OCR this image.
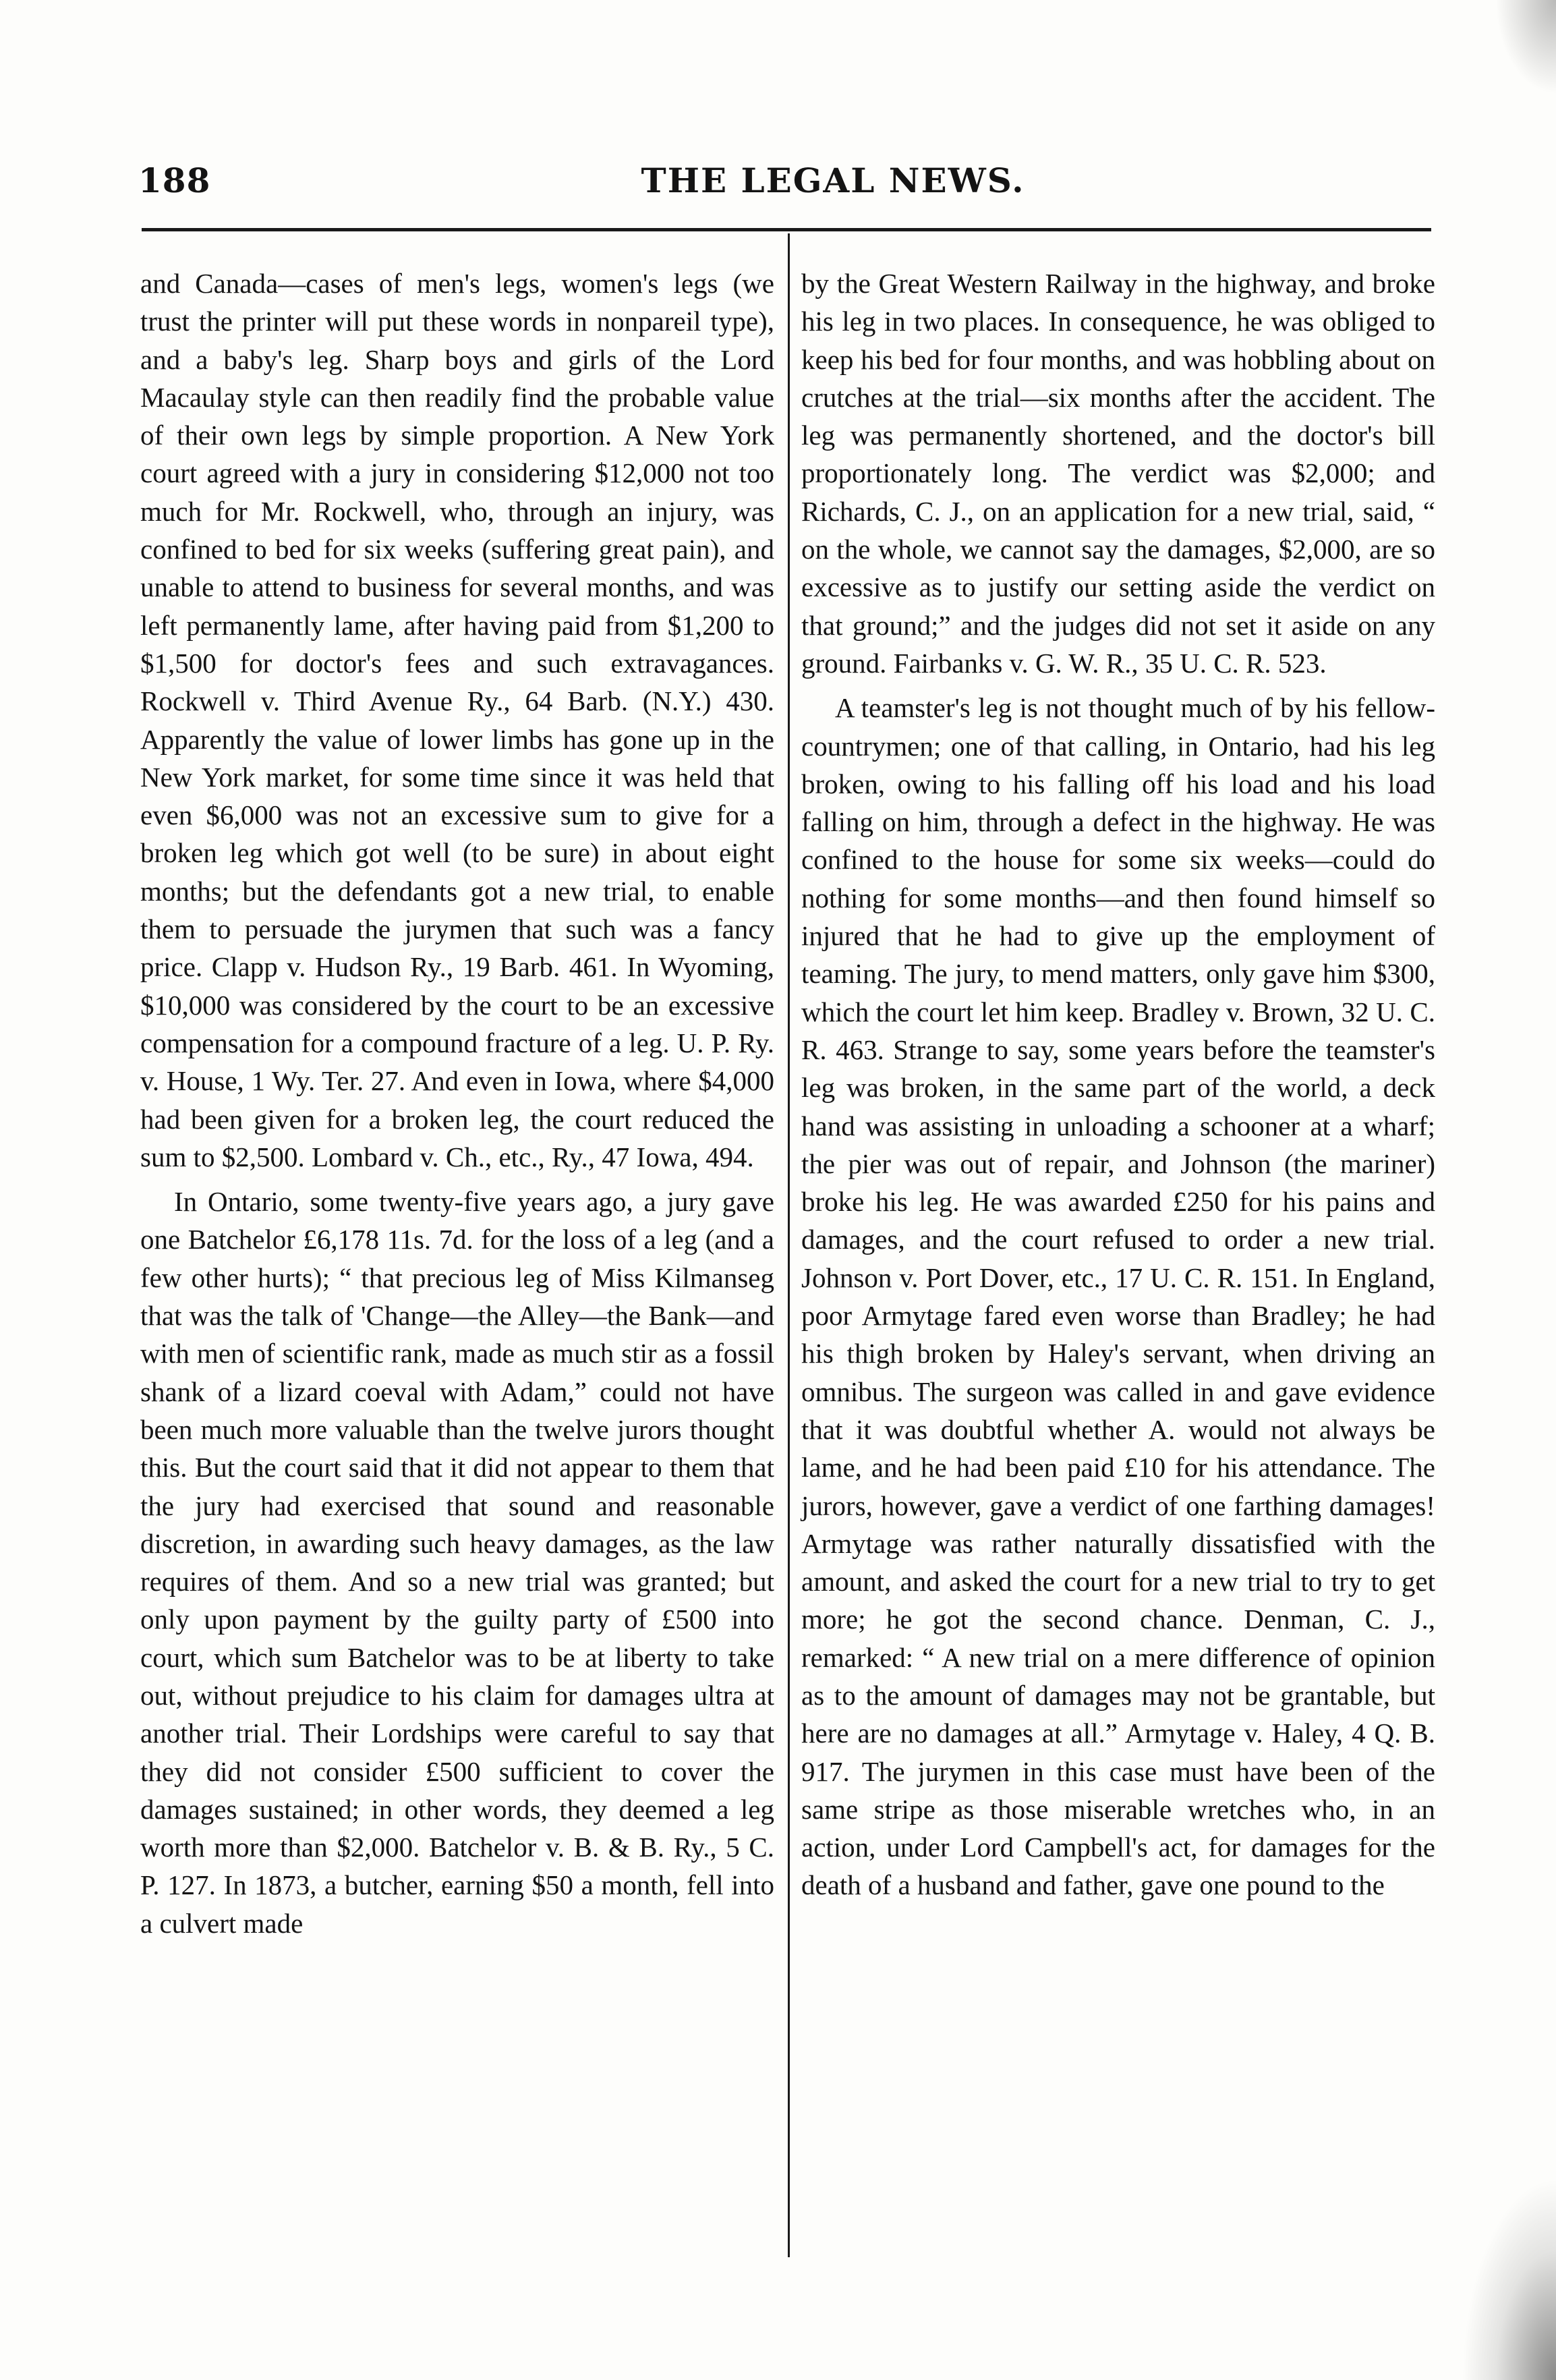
188	THE LEGAL NEWS.

and Canada—cases of men's legs, women's legs (we trust the printer will put these words in nonpareil type), and a baby's leg. Sharp boys and girls of the Lord Macaulay style can then readily find the probable value of their own legs by simple proportion. A New York court agreed with a jury in considering $12,000 not too much for Mr. Rockwell, who, through an injury, was confined to bed for six weeks (suffering great pain), and unable to attend to business for several months, and was left permanently lame, after having paid from $1,200 to $1,500 for doctor's fees and such extravagances. Rockwell v. Third Avenue Ry., 64 Barb. (N.Y.) 430. Apparently the value of lower limbs has gone up in the New York market, for some time since it was held that even $6,000 was not an excessive sum to give for a broken leg which got well (to be sure) in about eight months; but the defendants got a new trial, to enable them to persuade the jurymen that such was a fancy price. Clapp v. Hudson Ry., 19 Barb. 461. In Wyoming, $10,000 was considered by the court to be an excessive compensation for a compound fracture of a leg. U. P. Ry. v. House, 1 Wy. Ter. 27. And even in Iowa, where $4,000 had been given for a broken leg, the court reduced the sum to $2,500. Lombard v. Ch., etc., Ry., 47 Iowa, 494.

In Ontario, some twenty-five years ago, a jury gave one Batchelor £6,178 11s. 7d. for the loss of a leg (and a few other hurts); “ that precious leg of Miss Kilmanseg that was the talk of 'Change—the Alley—the Bank—and with men of scientific rank, made as much stir as a fossil shank of a lizard coeval with Adam,” could not have been much more valuable than the twelve jurors thought this. But the court said that it did not appear to them that the jury had exercised that sound and reasonable discretion, in awarding such heavy damages, as the law requires of them. And so a new trial was granted; but only upon payment by the guilty party of £500 into court, which sum Batchelor was to be at liberty to take out, without prejudice to his claim for damages ultra at another trial. Their Lordships were careful to say that they did not consider £500 sufficient to cover the damages sustained; in other words, they deemed a leg worth more than $2,000. Batchelor v. B. & B. Ry., 5 C. P. 127. In 1873, a butcher, earning $50 a month, fell into a culvert made

by the Great Western Railway in the highway, and broke his leg in two places. In consequence, he was obliged to keep his bed for four months, and was hobbling about on crutches at the trial—six months after the accident. The leg was permanently shortened, and the doctor's bill proportionately long. The verdict was $2,000; and Richards, C. J., on an application for a new trial, said, “ on the whole, we cannot say the damages, $2,000, are so excessive as to justify our setting aside the verdict on that ground;” and the judges did not set it aside on any ground. Fairbanks v. G. W. R., 35 U. C. R. 523.

A teamster's leg is not thought much of by his fellow-countrymen; one of that calling, in Ontario, had his leg broken, owing to his falling off his load and his load falling on him, through a defect in the highway. He was confined to the house for some six weeks—could do nothing for some months—and then found himself so injured that he had to give up the employment of teaming. The jury, to mend matters, only gave him $300, which the court let him keep. Bradley v. Brown, 32 U. C. R. 463. Strange to say, some years before the teamster's leg was broken, in the same part of the world, a deck hand was assisting in unloading a schooner at a wharf; the pier was out of repair, and Johnson (the mariner) broke his leg. He was awarded £250 for his pains and damages, and the court refused to order a new trial. Johnson v. Port Dover, etc., 17 U. C. R. 151. In England, poor Armytage fared even worse than Bradley; he had his thigh broken by Haley's servant, when driving an omnibus. The surgeon was called in and gave evidence that it was doubtful whether A. would not always be lame, and he had been paid £10 for his attendance. The jurors, however, gave a verdict of one farthing damages! Armytage was rather naturally dissatisfied with the amount, and asked the court for a new trial to try to get more; he got the second chance. Denman, C. J., remarked: “ A new trial on a mere difference of opinion as to the amount of damages may not be grantable, but here are no damages at all.” Armytage v. Haley, 4 Q. B. 917. The jurymen in this case must have been of the same stripe as those miserable wretches who, in an action, under Lord Campbell's act, for damages for the death of a husband and father, gave one pound to the
